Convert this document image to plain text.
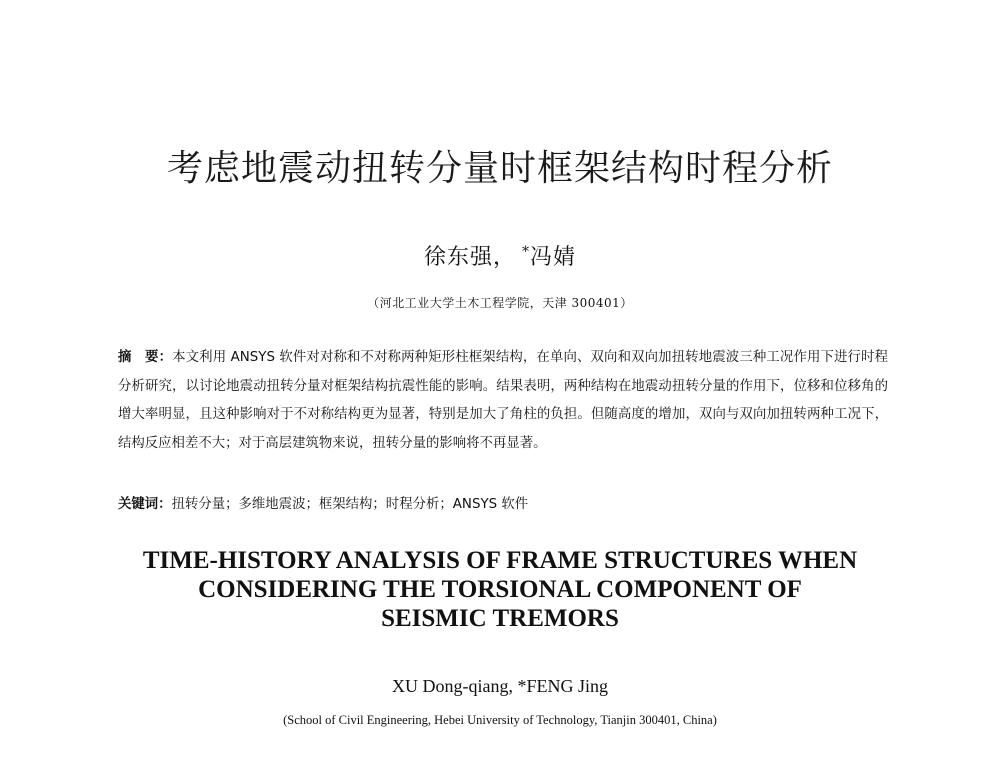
考虑地震动扭转分量时框架结构时程分析
徐东强， *冯婧
（河北工业大学土木工程学院，天津 300401）
摘　要：本文利用 ANSYS 软件对对称和不对称两种矩形柱框架结构，在单向、双向和双向加扭转地震波三种工况作用下进行时程分析研究，以讨论地震动扭转分量对框架结构抗震性能的影响。结果表明，两种结构在地震动扭转分量的作用下，位移和位移角的增大率明显，且这种影响对于不对称结构更为显著，特别是加大了角柱的负担。但随高度的增加，双向与双向加扭转两种工况下，结构反应相差不大；对于高层建筑物来说，扭转分量的影响将不再显著。
关键词：扭转分量；多维地震波；框架结构；时程分析；ANSYS 软件
TIME-HISTORY ANALYSIS OF FRAME STRUCTURES WHEN
CONSIDERING THE TORSIONAL COMPONENT OF
SEISMIC TREMORS
XU Dong-qiang, *FENG Jing
(School of Civil Engineering, Hebei University of Technology, Tianjin 300401, China)
